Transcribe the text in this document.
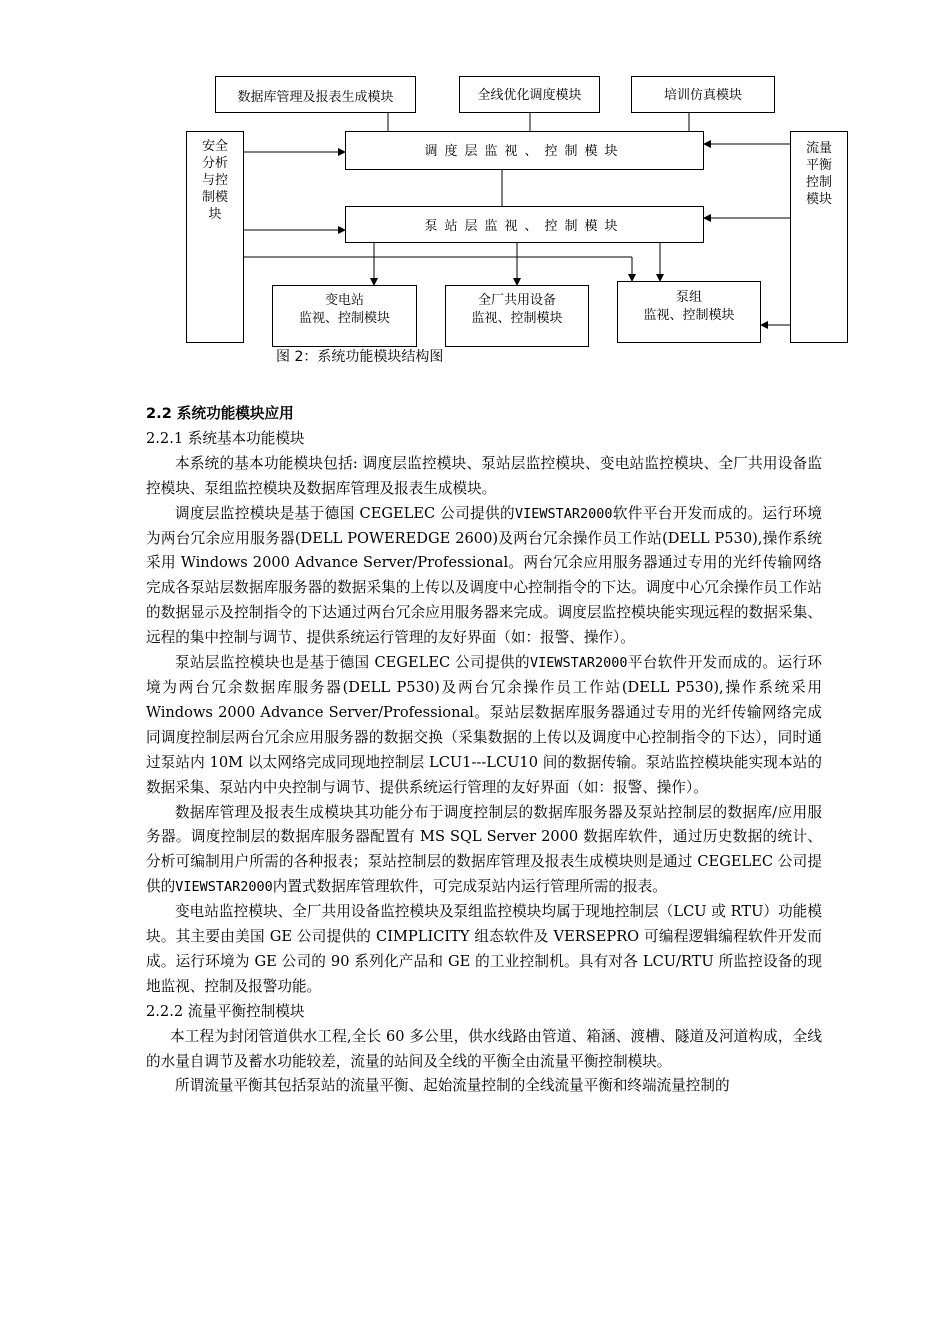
数据库管理及报表生成模块	全线优化调度模块	培训仿真模块
安全
分析
与控
制模
块
流量
平衡
控制
模块
调度层监视、控制模块
泵站层监视、控制模块
变电站
监视、控制模块
全厂共用设备
监视、控制模块
泵组
监视、控制模块
图 2：系统功能模块结构图
2.2 系统功能模块应用
2.2.1 系统基本功能模块

本系统的基本功能模块包括: 调度层监控模块、泵站层监控模块、变电站监控模块、全厂共用设备监控模块、泵组监控模块及数据库管理及报表生成模块。

调度层监控模块是基于德国 CEGELEC 公司提供的VIEWSTAR2000软件平台开发而成的。运行环境为两台冗余应用服务器(DELL POWEREDGE 2600)及两台冗余操作员工作站(DELL P530),操作系统采用 Windows 2000 Advance Server/Professional。两台冗余应用服务器通过专用的光纤传输网络完成各泵站层数据库服务器的数据采集的上传以及调度中心控制指令的下达。调度中心冗余操作员工作站的数据显示及控制指令的下达通过两台冗余应用服务器来完成。调度层监控模块能实现远程的数据采集、远程的集中控制与调节、提供系统运行管理的友好界面（如：报警、操作）。

泵站层监控模块也是基于德国 CEGELEC 公司提供的VIEWSTAR2000平台软件开发而成的。运行环境为两台冗余数据库服务器(DELL P530)及两台冗余操作员工作站(DELL P530),操作系统采用 Windows 2000 Advance Server/Professional。泵站层数据库服务器通过专用的光纤传输网络完成同调度控制层两台冗余应用服务器的数据交换（采集数据的上传以及调度中心控制指令的下达），同时通过泵站内 10M 以太网络完成同现地控制层 LCU1---LCU10 间的数据传输。泵站监控模块能实现本站的数据采集、泵站内中央控制与调节、提供系统运行管理的友好界面（如：报警、操作）。

数据库管理及报表生成模块其功能分布于调度控制层的数据库服务器及泵站控制层的数据库/应用服务器。调度控制层的数据库服务器配置有 MS SQL Server 2000 数据库软件，通过历史数据的统计、分析可编制用户所需的各种报表；泵站控制层的数据库管理及报表生成模块则是通过 CEGELEC 公司提供的VIEWSTAR2000内置式数据库管理软件，可完成泵站内运行管理所需的报表。

变电站监控模块、全厂共用设备监控模块及泵组监控模块均属于现地控制层（LCU 或 RTU）功能模块。其主要由美国 GE 公司提供的 CIMPLICITY 组态软件及 VERSEPRO 可编程逻辑编程软件开发而成。运行环境为 GE 公司的 90 系列化产品和 GE 的工业控制机。具有对各 LCU/RTU 所监控设备的现地监视、控制及报警功能。

2.2.2 流量平衡控制模块

本工程为封闭管道供水工程,全长 60 多公里，供水线路由管道、箱涵、渡槽、隧道及河道构成，全线的水量自调节及蓄水功能较差，流量的站间及全线的平衡全由流量平衡控制模块。

所谓流量平衡其包括泵站的流量平衡、起始流量控制的全线流量平衡和终端流量控制的
